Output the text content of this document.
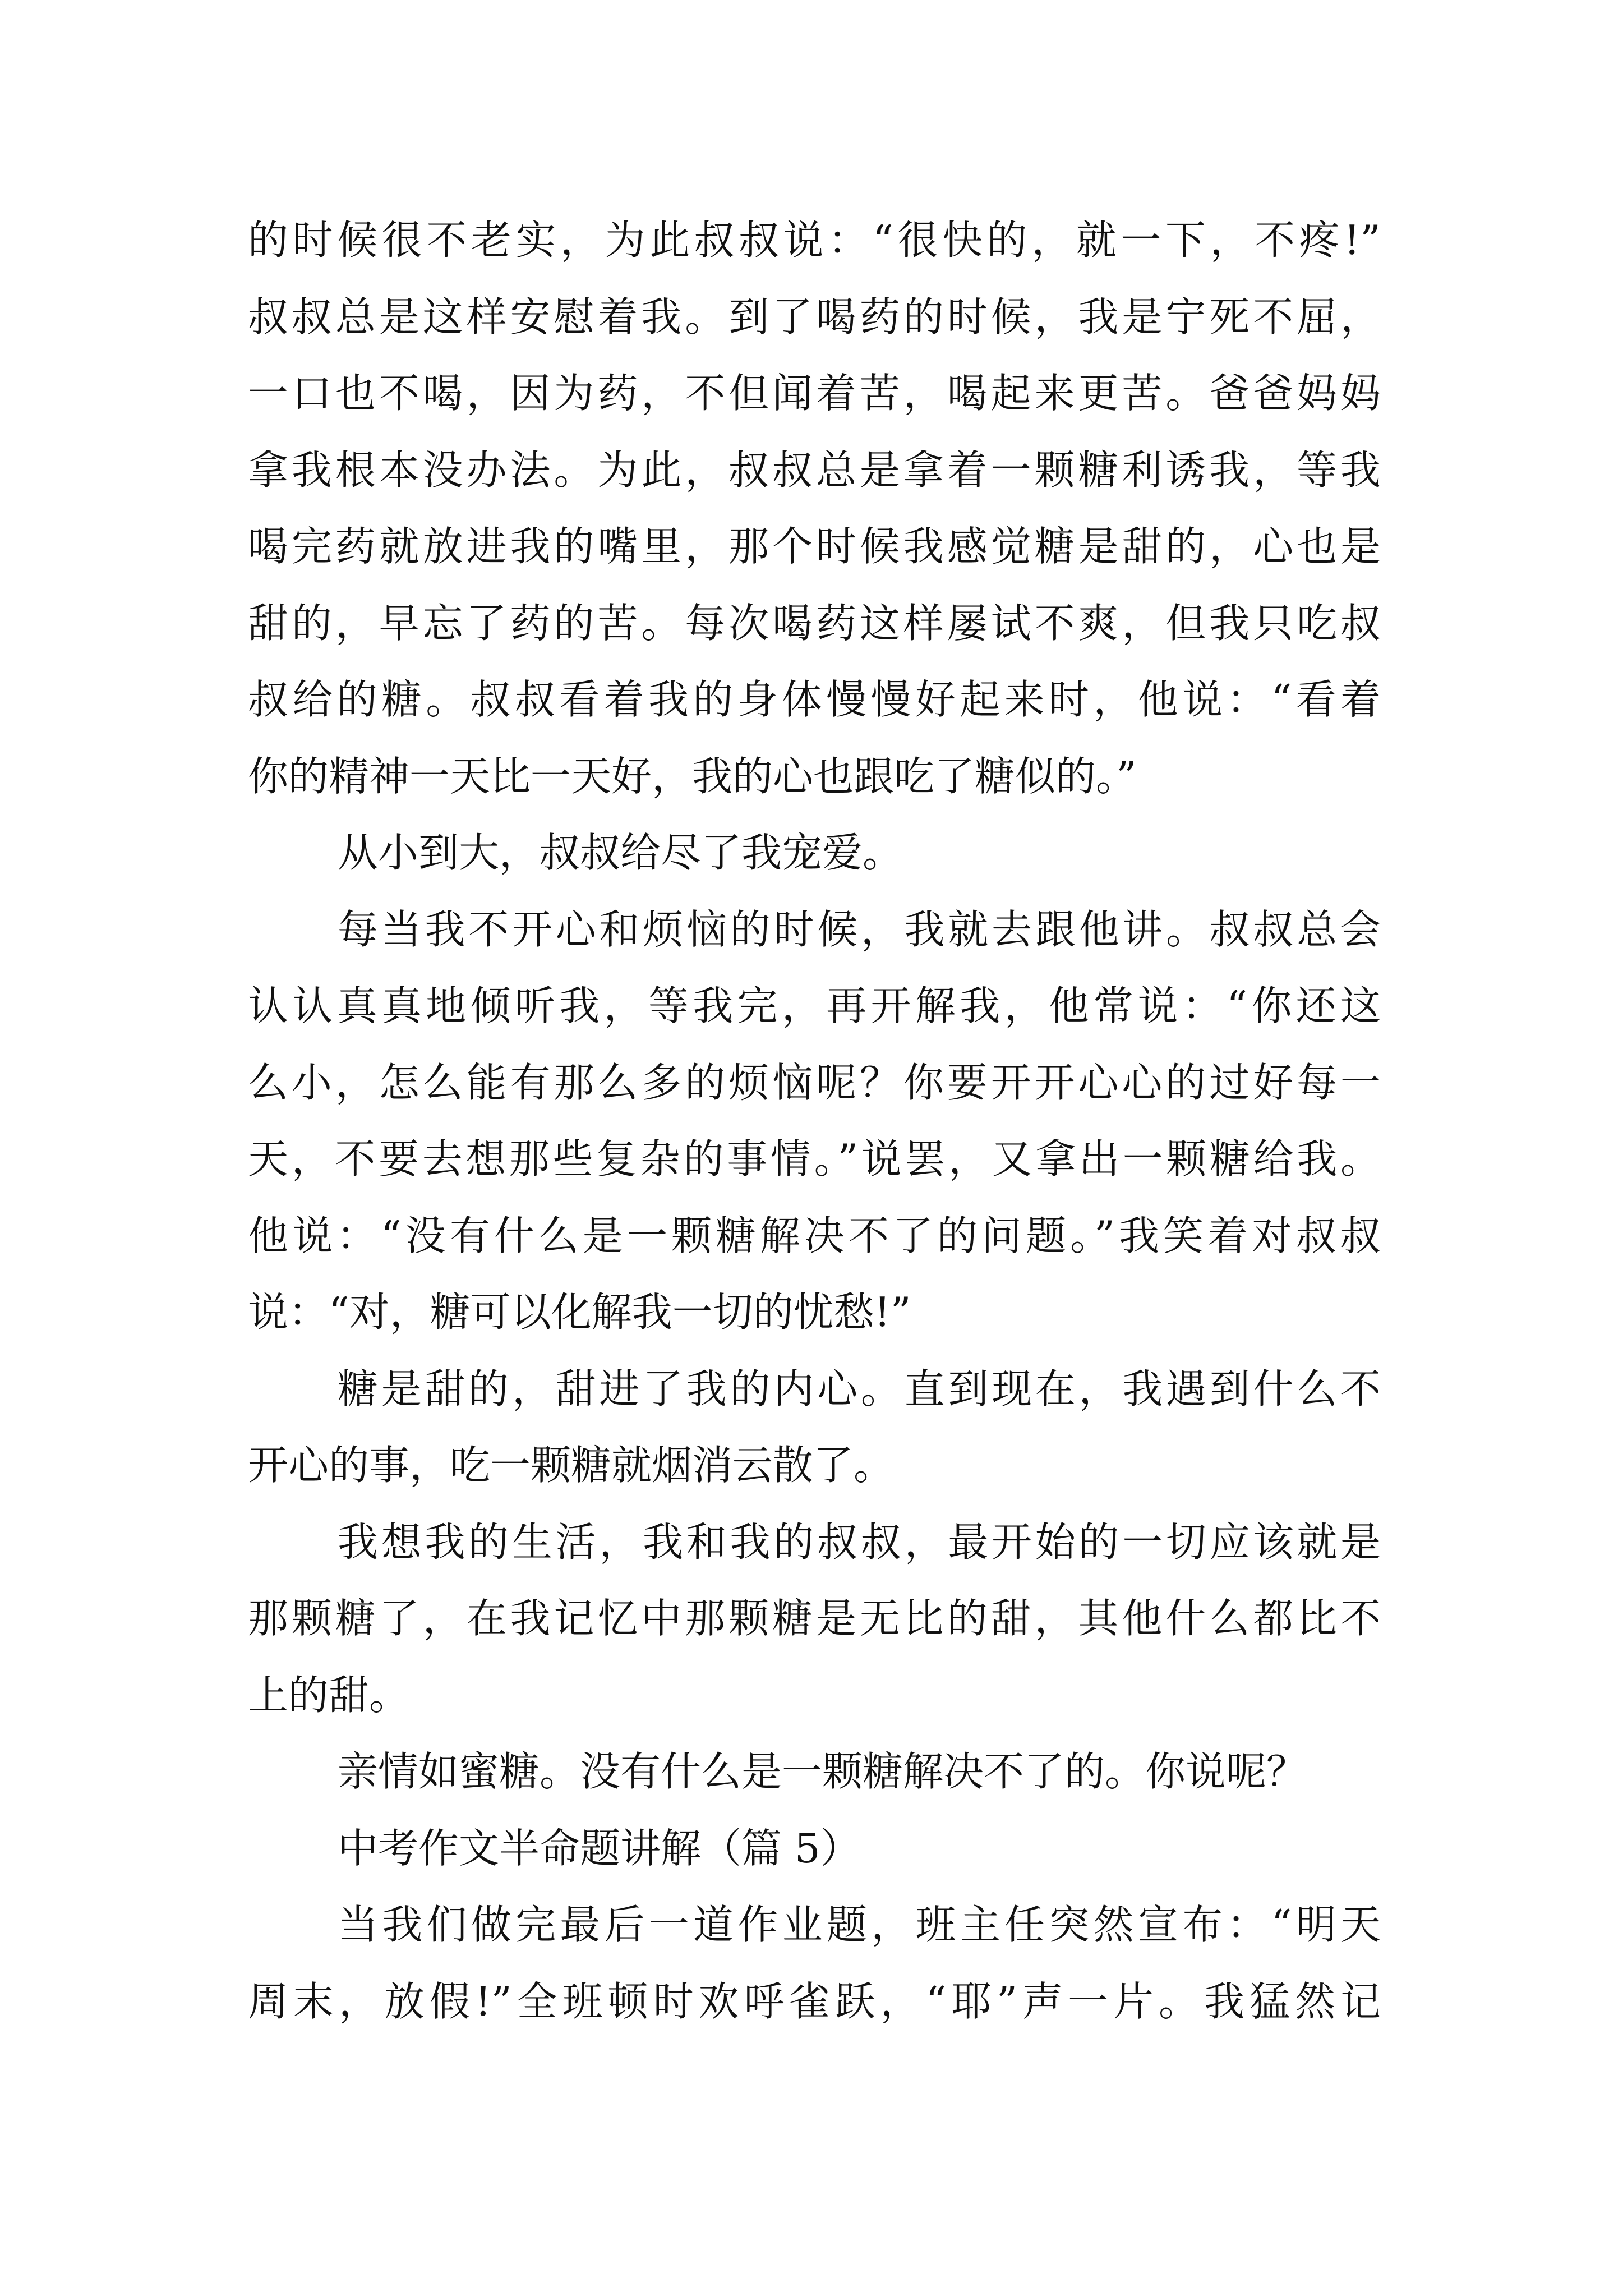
的时候很不老实，为此叔叔说：“很快的，就一下，不疼!”
叔叔总是这样安慰着我。到了喝药的时候，我是宁死不屈，
一口也不喝，因为药，不但闻着苦，喝起来更苦。爸爸妈妈
拿我根本没办法。为此，叔叔总是拿着一颗糖利诱我，等我
喝完药就放进我的嘴里，那个时候我感觉糖是甜的，心也是
甜的，早忘了药的苦。每次喝药这样屡试不爽，但我只吃叔
叔给的糖。叔叔看着我的身体慢慢好起来时，他说：“看着
你的精神一天比一天好，我的心也跟吃了糖似的。”
从小到大，叔叔给尽了我宠爱。
每当我不开心和烦恼的时候，我就去跟他讲。叔叔总会
认认真真地倾听我，等我完，再开解我，他常说：“你还这
么小，怎么能有那么多的烦恼呢？你要开开心心的过好每一
天，不要去想那些复杂的事情。”说罢，又拿出一颗糖给我。
他说：“没有什么是一颗糖解决不了的问题。”我笑着对叔叔
说：“对，糖可以化解我一切的忧愁!”
糖是甜的，甜进了我的内心。直到现在，我遇到什么不
开心的事，吃一颗糖就烟消云散了。
我想我的生活，我和我的叔叔，最开始的一切应该就是
那颗糖了，在我记忆中那颗糖是无比的甜，其他什么都比不
上的甜。
亲情如蜜糖。没有什么是一颗糖解决不了的。你说呢？
中考作文半命题讲解（篇 5）
当我们做完最后一道作业题，班主任突然宣布：“明天
周末，放假!”全班顿时欢呼雀跃，“耶”声一片。我猛然记
